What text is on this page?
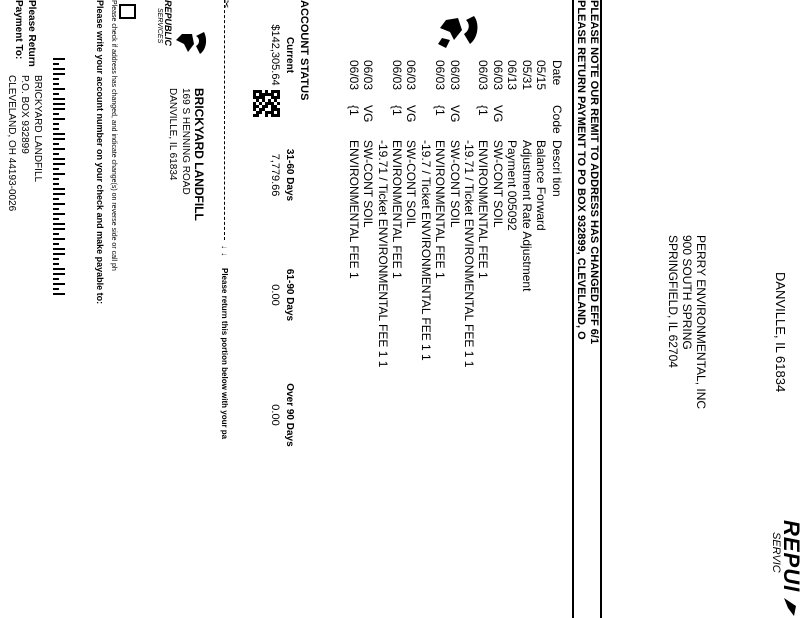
DANVILLE, IL 61834
REPUI
SERVIC
PERRY ENVIRONMENTAL, INC
900 SOUTH SPRING
SPRINGFIELD, IL 62704
PLEASE NOTE OUR REMIT TO ADDRESS HAS CHANGED EFF 6/1
PLEASE RETURN PAYMENT TO PO BOX 932899, CLEVELAND, O
Date
Code
Descri tion
05/15
Balance Forward
05/31
Adjustment Rate Adjustment
06/13
Payment 005092
06/03
VG
SW-CONT SOIL
06/03
{1
ENVIRONMENTAL FEE 1
-19.71 / Ticket ENVIRONMENTAL FEE 1 1
06/03
VG
SW-CONT SOIL
06/03
{1
ENVIRONMENTAL FEE 1
-19.7 / Ticket ENVIRONMENTAL FEE 1 1
06/03
VG
SW-CONT SOIL
06/03
{1
ENVIRONMENTAL FEE 1
-19.71 / Ticket ENVIRONMENTAL FEE 1 1
06/03
VG
SW-CONT SOIL
06/03
{1
ENVIRONMENTAL FEE 1
✂
↓ ↓
Please return this portion below with your pa
ACCOUNT STATUS
Current
$142,305.64
31-60 Days
7,779.66
61-90 Days
0.00
Over 90 Days
0.00
REPUBLIC
SERVICES
BRICKYARD LANDFILL
169 S HENNING ROAD
DANVILLE, IL 61834
Please check if address has changed, and indicate change(s) on reverse side or call ph
Please write your account number on your check and make payable to:
Please Return
Payment To:
BRICKYARD LANDFILL
P.O. BOX 932899
CLEVELAND, OH 44193-0026
